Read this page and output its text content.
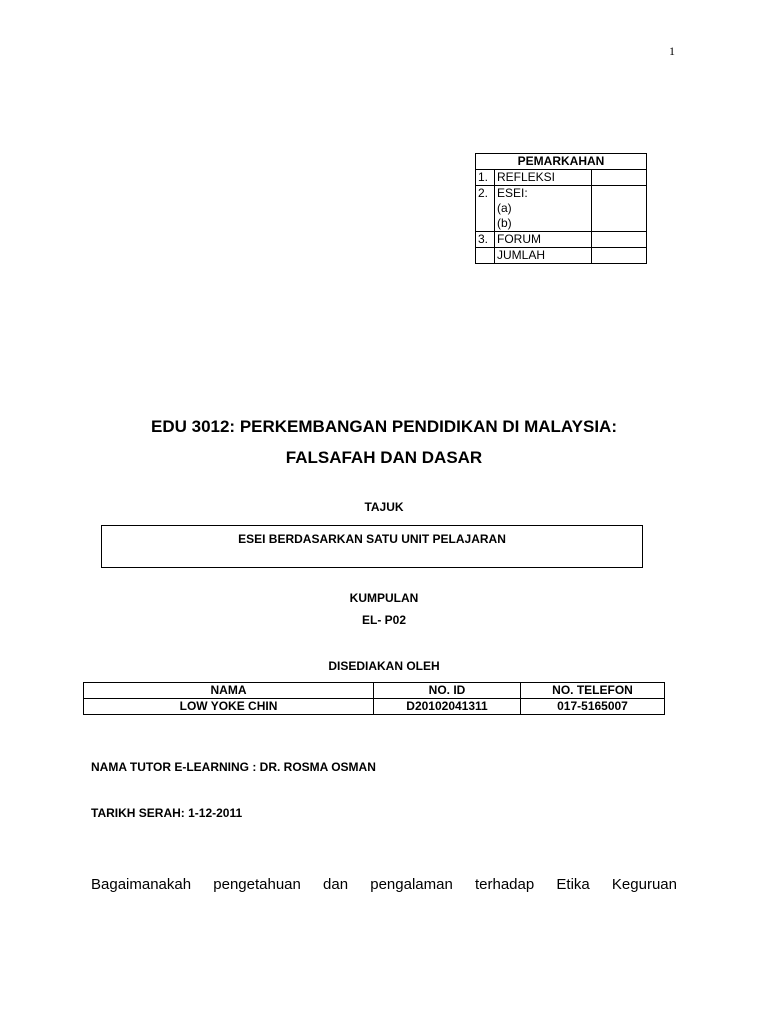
1
PEMARKAHAN		
1.	REFLEKSI	
2.	ESEI:
(a)
(b)	

3.	FORUM	
	JUMLAH	
EDU 3012: PERKEMBANGAN PENDIDIKAN DI MALAYSIA:
FALSAFAH DAN DASAR
TAJUK
ESEI BERDASARKAN SATU UNIT PELAJARAN
KUMPULAN
EL- P02
DISEDIAKAN OLEH
NAMA	NO. ID	NO. TELEFON
LOW YOKE CHIN	D20102041311	017-5165007
NAMA TUTOR E-LEARNING : DR. ROSMA OSMAN
TARIKH SERAH: 1-12-2011
Bagaimanakah pengetahuan dan pengalaman terhadap Etika Keguruan
